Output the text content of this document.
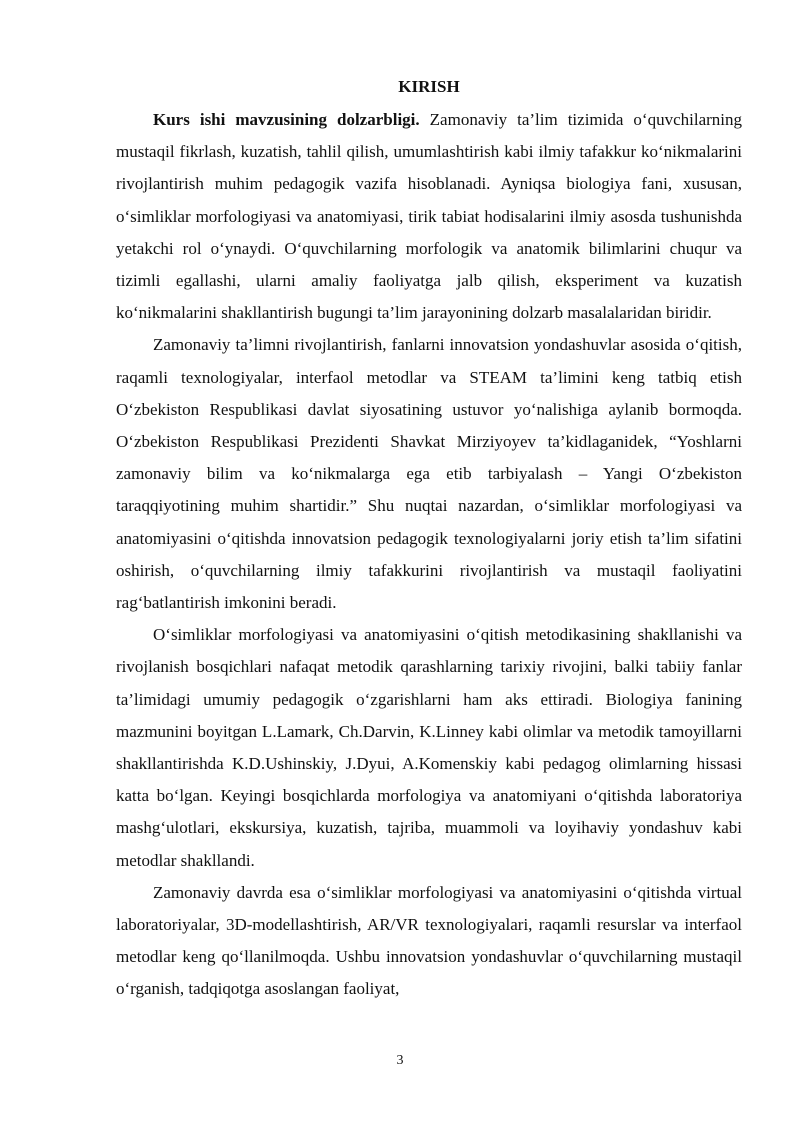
KIRISH

Kurs ishi mavzusining dolzarbligi. Zamonaviy ta’lim tizimida o‘quvchilarning mustaqil fikrlash, kuzatish, tahlil qilish, umumlashtirish kabi ilmiy tafakkur ko‘nikmalarini rivojlantirish muhim pedagogik vazifa hisoblanadi. Ayniqsa biologiya fani, xususan, o‘simliklar morfologiyasi va anatomiyasi, tirik tabiat hodisalarini ilmiy asosda tushunishda yetakchi rol o‘ynaydi. O‘quvchilarning morfologik va anatomik bilimlarini chuqur va tizimli egallashi, ularni amaliy faoliyatga jalb qilish, eksperiment va kuzatish ko‘nikmalarini shakllantirish bugungi ta’lim jarayonining dolzarb masalalaridan biridir.

Zamonaviy ta’limni rivojlantirish, fanlarni innovatsion yondashuvlar asosida o‘qitish, raqamli texnologiyalar, interfaol metodlar va STEAM ta’limini keng tatbiq etish O‘zbekiston Respublikasi davlat siyosatining ustuvor yo‘nalishiga aylanib bormoqda. O‘zbekiston Respublikasi Prezidenti Shavkat Mirziyoyev ta’kidlaganidek, “Yoshlarni zamonaviy bilim va ko‘nikmalarga ega etib tarbiyalash – Yangi O‘zbekiston taraqqiyotining muhim shartidir.” Shu nuqtai nazardan, o‘simliklar morfologiyasi va anatomiyasini o‘qitishda innovatsion pedagogik texnologiyalarni joriy etish ta’lim sifatini oshirish, o‘quvchilarning ilmiy tafakkurini rivojlantirish va mustaqil faoliyatini rag‘batlantirish imkonini beradi.

O‘simliklar morfologiyasi va anatomiyasini o‘qitish metodikasining shakllanishi va rivojlanish bosqichlari nafaqat metodik qarashlarning tarixiy rivojini, balki tabiiy fanlar ta’limidagi umumiy pedagogik o‘zgarishlarni ham aks ettiradi. Biologiya fanining mazmunini boyitgan L.Lamark, Ch.Darvin, K.Linney kabi olimlar va metodik tamoyillarni shakllantirishda K.D.Ushinskiy, J.Dyui, A.Komenskiy kabi pedagog olimlarning hissasi katta bo‘lgan. Keyingi bosqichlarda morfologiya va anatomiyani o‘qitishda laboratoriya mashg‘ulotlari, ekskursiya, kuzatish, tajriba, muammoli va loyihaviy yondashuv kabi metodlar shakllandi.

Zamonaviy davrda esa o‘simliklar morfologiyasi va anatomiyasini o‘qitishda virtual laboratoriyalar, 3D-modellashtirish, AR/VR texnologiyalari, raqamli resurslar va interfaol metodlar keng qo‘llanilmoqda. Ushbu innovatsion yondashuvlar o‘quvchilarning mustaqil o‘rganish, tadqiqotga asoslangan faoliyat,

3
